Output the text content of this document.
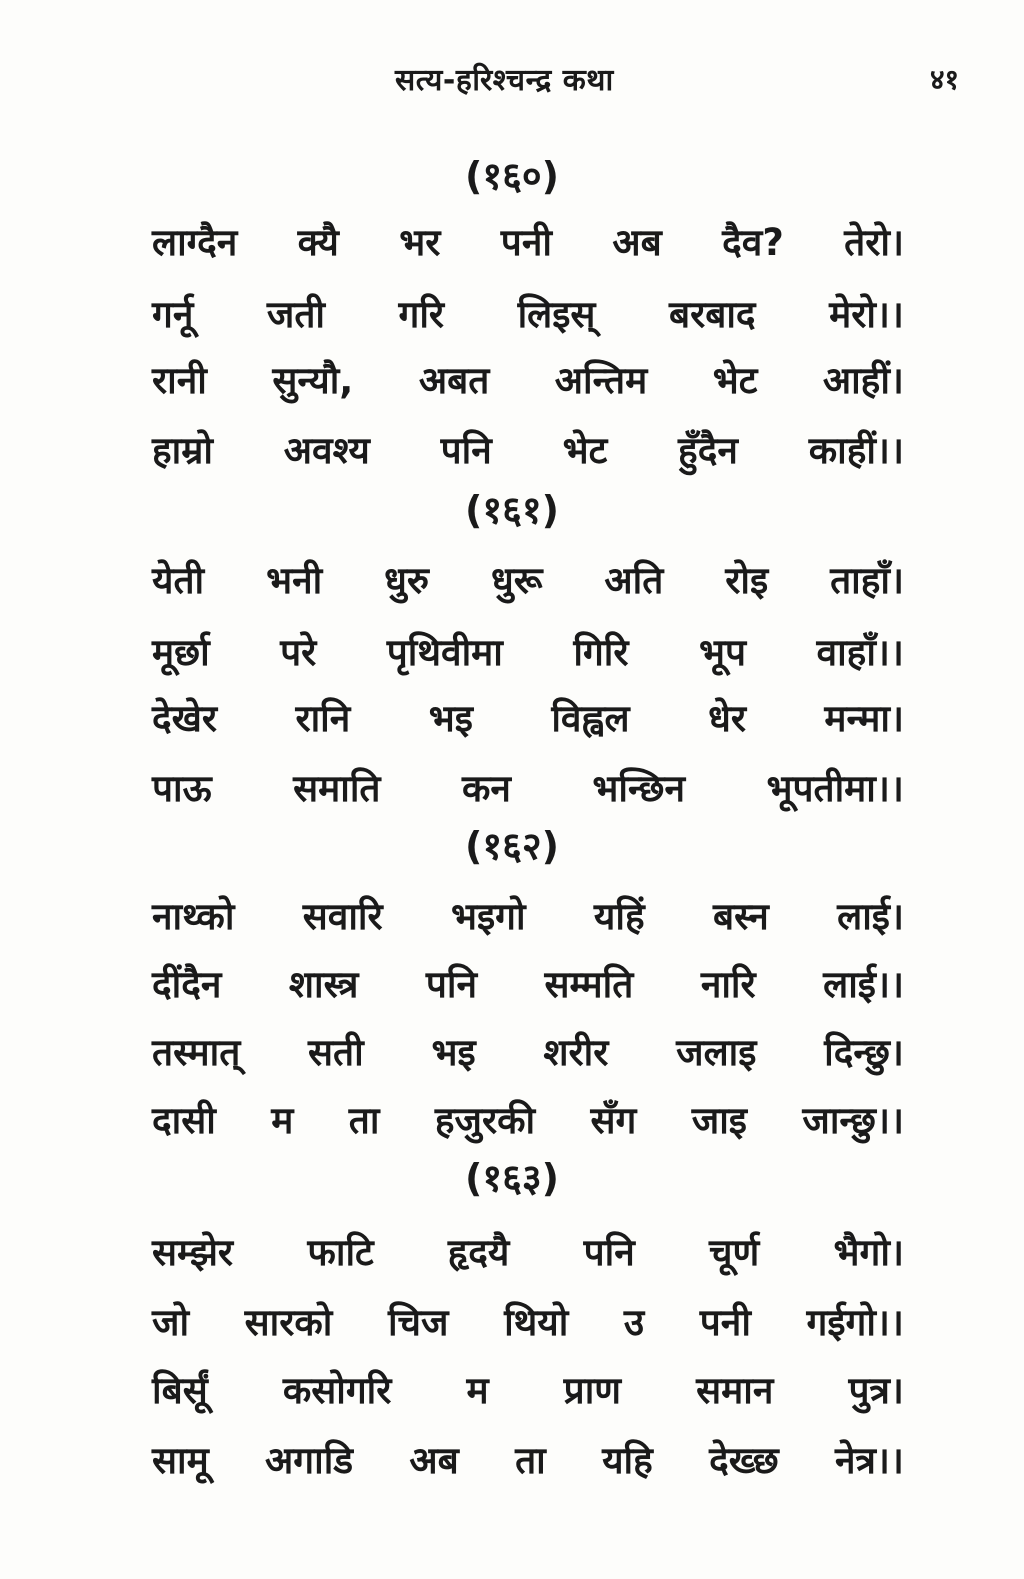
सत्य-हरिश्चन्द्र कथा	४१
(१६०)
लाग्दैन क्यै भर पनी अब दैव? तेरो।
गर्नू जती गरि लिइस् बरबाद मेरो।।
रानी सुन्यौ, अबत अन्तिम भेट आहीं।
हाम्रो अवश्य पनि भेट हुँदैन काहीं।।
(१६१)
येती भनी धुरु धुरू अति रोइ ताहाँ।
मूर्छा परे पृथिवीमा गिरि भूप वाहाँ।।
देखेर रानि भइ विह्वल धेर मन्मा।
पाऊ समाति कन भन्छिन भूपतीमा।।
(१६२)
नाथ्को सवारि भइगो यहिं बस्न लाई।
दींदैन शास्त्र पनि सम्मति नारि लाई।।
तस्मात् सती भइ शरीर जलाइ दिन्छु।
दासी म ता हजुरकी सँग जाइ जान्छु।।
(१६३)
सम्झेर फाटि हृदयै पनि चूर्ण भैगो।
जो सारको चिज थियो उ पनी गईगो।।
बिर्सूं कसोगरि म प्राण समान पुत्र।
सामू अगाडि अब ता यहि देख्छ नेत्र।।
